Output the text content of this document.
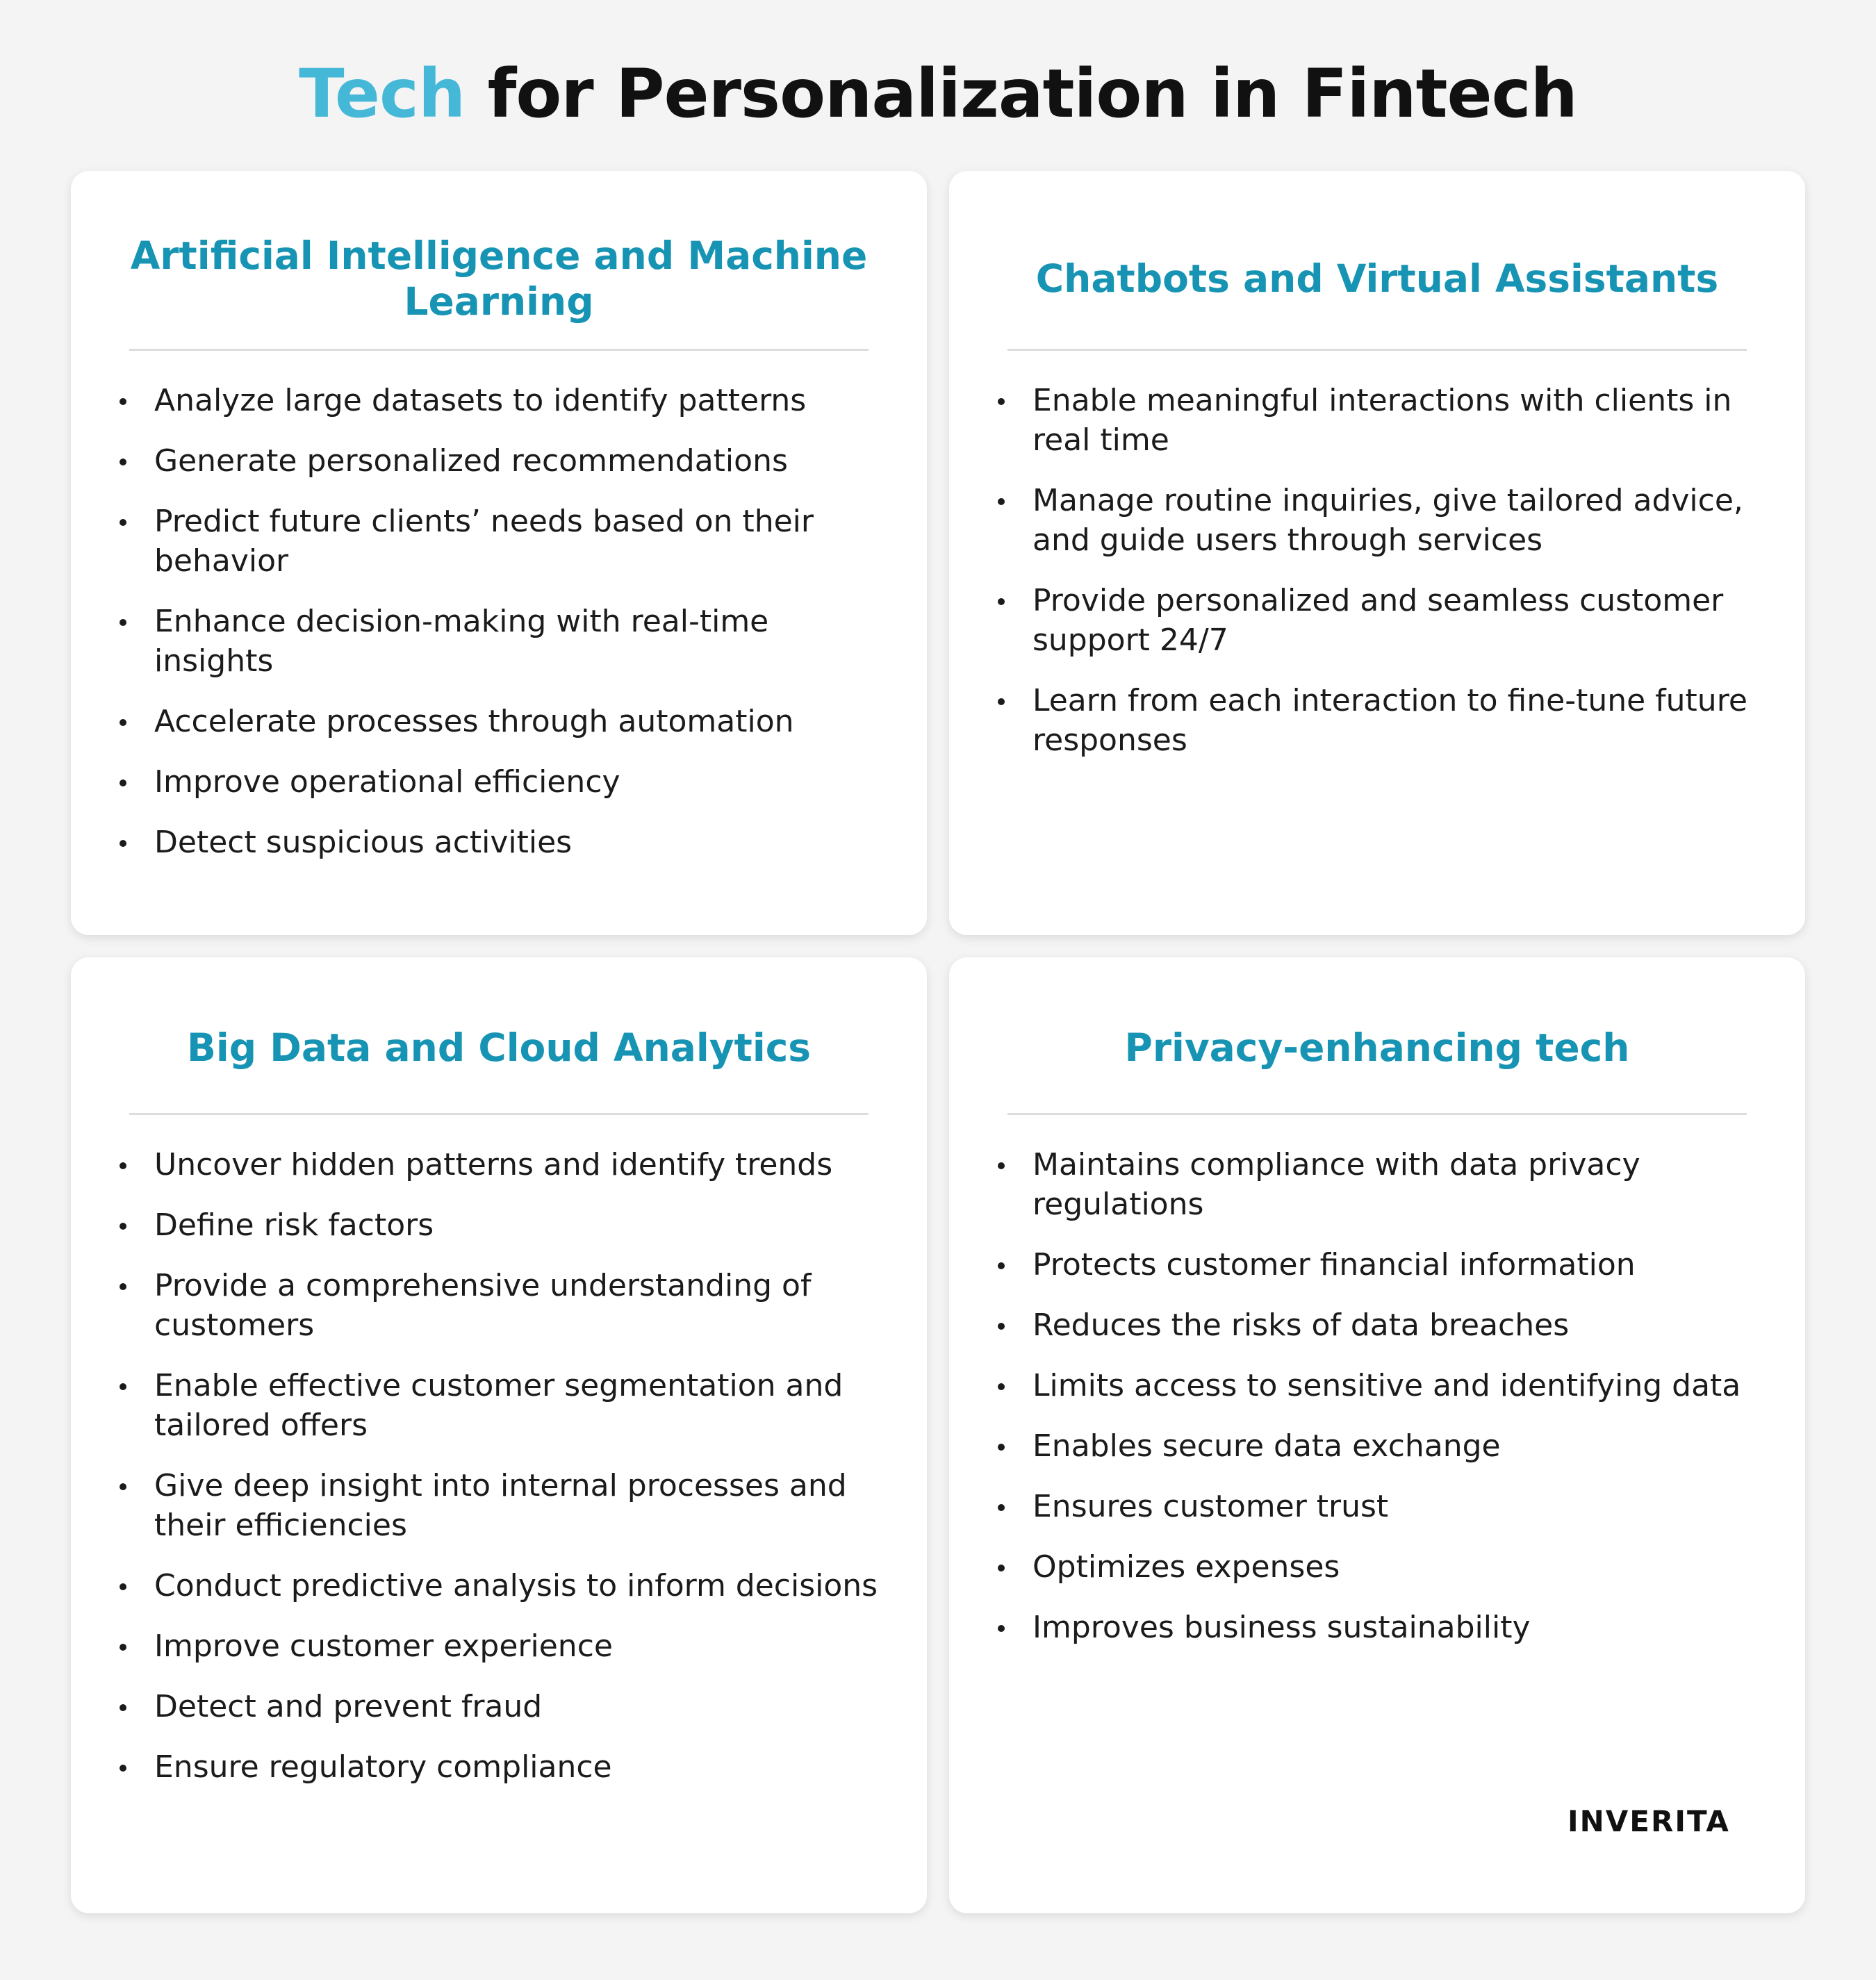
Tech for Personalization in Fintech
Artificial Intelligence and Machine Learning
Analyze large datasets to identify patterns
Generate personalized recommendations
Predict future clients’ needs based on their behavior
Enhance decision-making with real-time insights
Accelerate processes through automation
Improve operational efficiency
Detect suspicious activities
Chatbots and Virtual Assistants
Enable meaningful interactions with clients in real time
Manage routine inquiries, give tailored advice, and guide users through services
Provide personalized and seamless customer support 24/7
Learn from each interaction to fine-tune future responses
Big Data and Cloud Analytics
Uncover hidden patterns and identify trends
Define risk factors
Provide a comprehensive understanding of customers
Enable effective customer segmentation and tailored offers
Give deep insight into internal processes and their efficiencies
Conduct predictive analysis to inform decisions
Improve customer experience
Detect and prevent fraud
Ensure regulatory compliance
Privacy-enhancing tech
Maintains compliance with data privacy regulations
Protects customer financial information
Reduces the risks of data breaches
Limits access to sensitive and identifying data
Enables secure data exchange
Ensures customer trust
Optimizes expenses
Improves business sustainability
INVERITA
